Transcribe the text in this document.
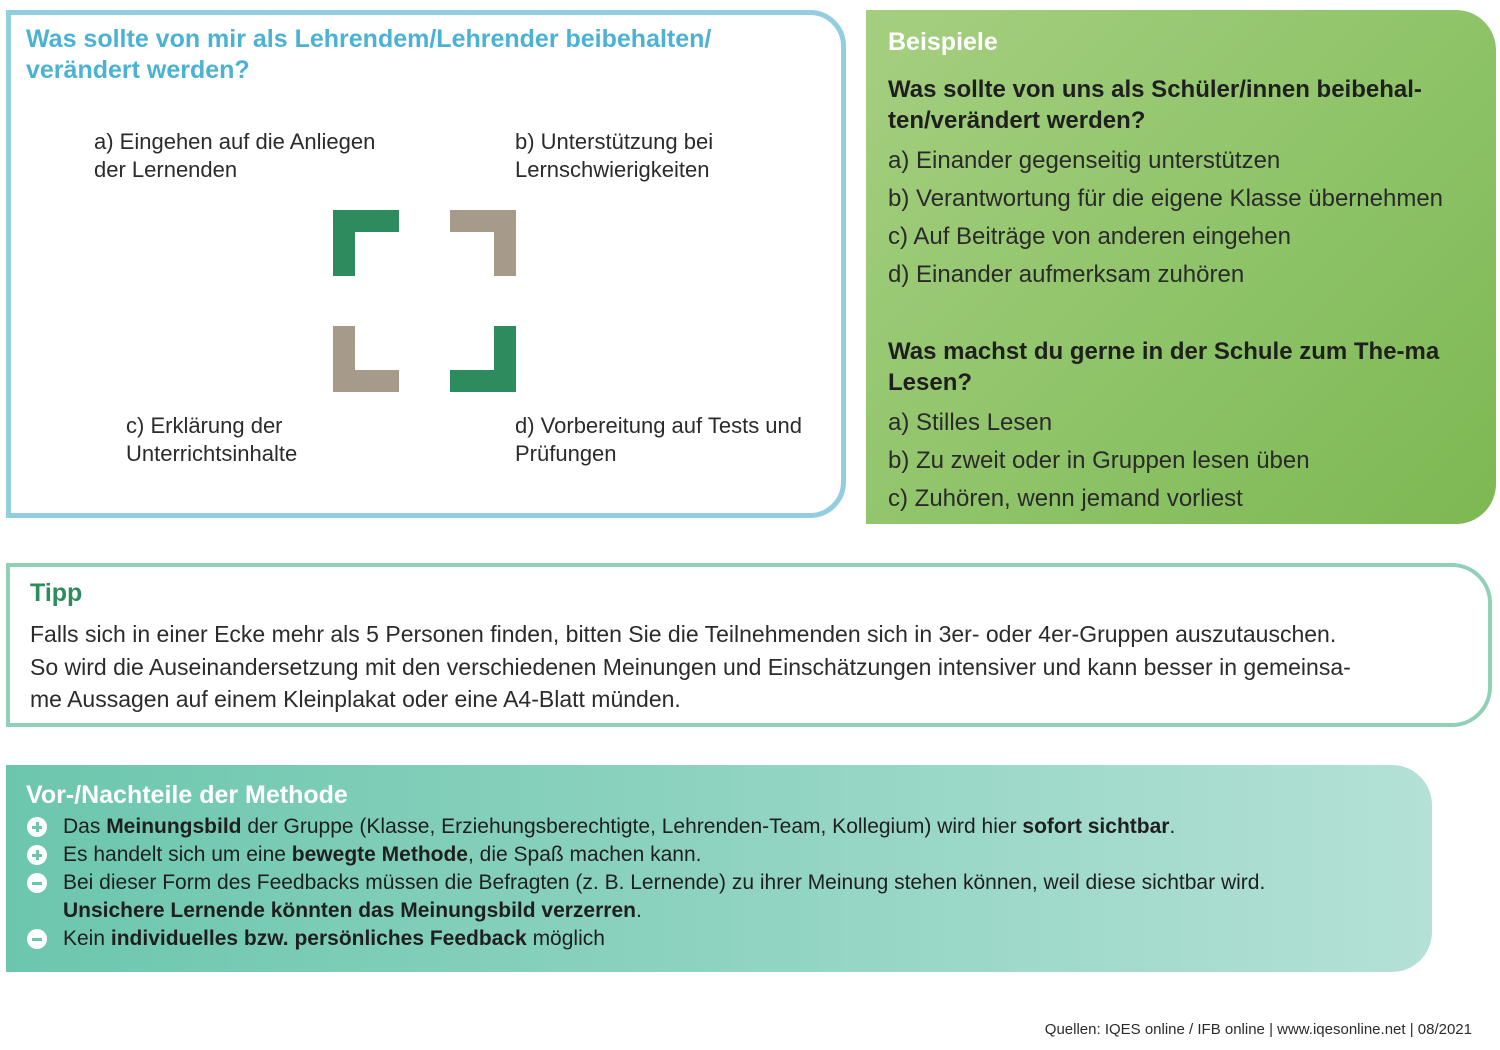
Was sollte von mir als Lehrendem/Lehrender beibehalten/ verändert werden?
a) Eingehen auf die Anliegen der Lernenden
b) Unterstützung bei Lernschwierigkeiten
c) Erklärung der Unterrichtsinhalte
d) Vorbereitung auf Tests und Prüfungen
Beispiele
Was sollte von uns als Schüler/innen beibehal-ten/verändert werden?
a) Einander gegenseitig unterstützen
b) Verantwortung für die eigene Klasse übernehmen
c) Auf Beiträge von anderen eingehen
d) Einander aufmerksam zuhören
Was machst du gerne in der Schule zum The-ma Lesen?
a) Stilles Lesen
b) Zu zweit oder in Gruppen lesen üben
c) Zuhören, wenn jemand vorliest
Tipp
Falls sich in einer Ecke mehr als 5 Personen finden, bitten Sie die Teilnehmenden sich in 3er- oder 4er-Gruppen auszutauschen.
So wird die Auseinandersetzung mit den verschiedenen Meinungen und Einschätzungen intensiver und kann besser in gemeinsa-
me Aussagen auf einem Kleinplakat oder eine A4-Blatt münden.
Vor-/Nachteile der Methode
Das Meinungsbild der Gruppe (Klasse, Erziehungsberechtigte, Lehrenden-Team, Kollegium) wird hier sofort sichtbar.
Es handelt sich um eine bewegte Methode, die Spaß machen kann.
Bei dieser Form des Feedbacks müssen die Befragten (z. B. Lernende) zu ihrer Meinung stehen können, weil diese sichtbar wird.
Unsichere Lernende könnten das Meinungsbild verzerren.
Kein individuelles bzw. persönliches Feedback möglich
Quellen: IQES online / IFB online | www.iqesonline.net | 08/2021
